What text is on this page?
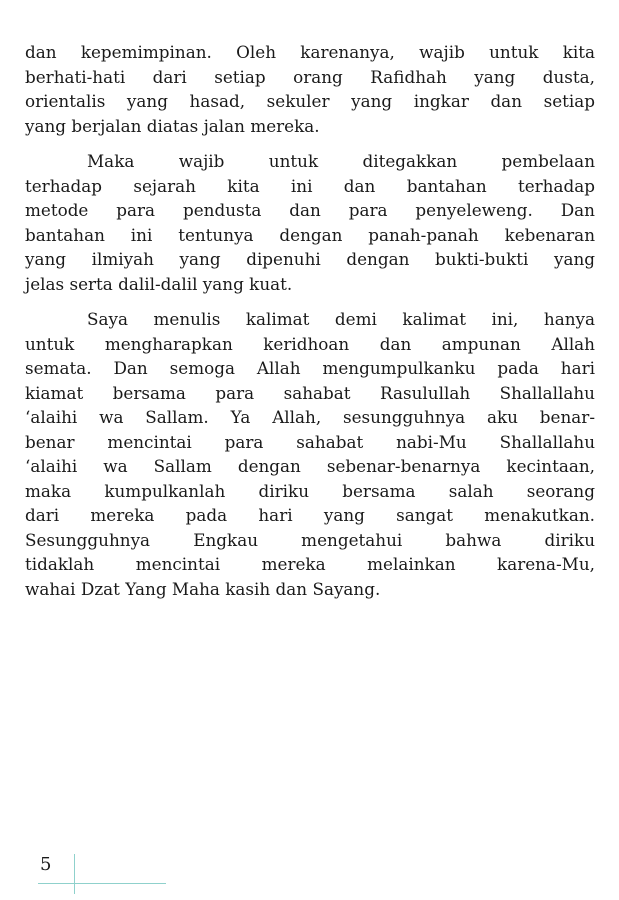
dan kepemimpinan. Oleh karenanya, wajib untuk kita
berhati-hati dari setiap orang Rafidhah yang dusta,
orientalis yang hasad, sekuler yang ingkar dan setiap
yang berjalan diatas jalan mereka.

Maka wajib untuk ditegakkan pembelaan
terhadap sejarah kita ini dan bantahan terhadap
metode para pendusta dan para penyeleweng. Dan
bantahan ini tentunya dengan panah-panah kebenaran
yang ilmiyah yang dipenuhi dengan bukti-bukti yang
jelas serta dalil-dalil yang kuat.

Saya menulis kalimat demi kalimat ini, hanya
untuk mengharapkan keridhoan dan ampunan Allah
semata. Dan semoga Allah mengumpulkanku pada hari
kiamat bersama para sahabat Rasulullah Shallallahu
‘alaihi wa Sallam. Ya Allah, sesungguhnya aku benar-
benar mencintai para sahabat nabi-Mu Shallallahu
‘alaihi wa Sallam dengan sebenar-benarnya kecintaan,
maka kumpulkanlah diriku bersama salah seorang
dari mereka pada hari yang sangat menakutkan.
Sesungguhnya Engkau mengetahui bahwa diriku
tidaklah mencintai mereka melainkan karena-Mu,
wahai Dzat Yang Maha kasih dan Sayang.

5
